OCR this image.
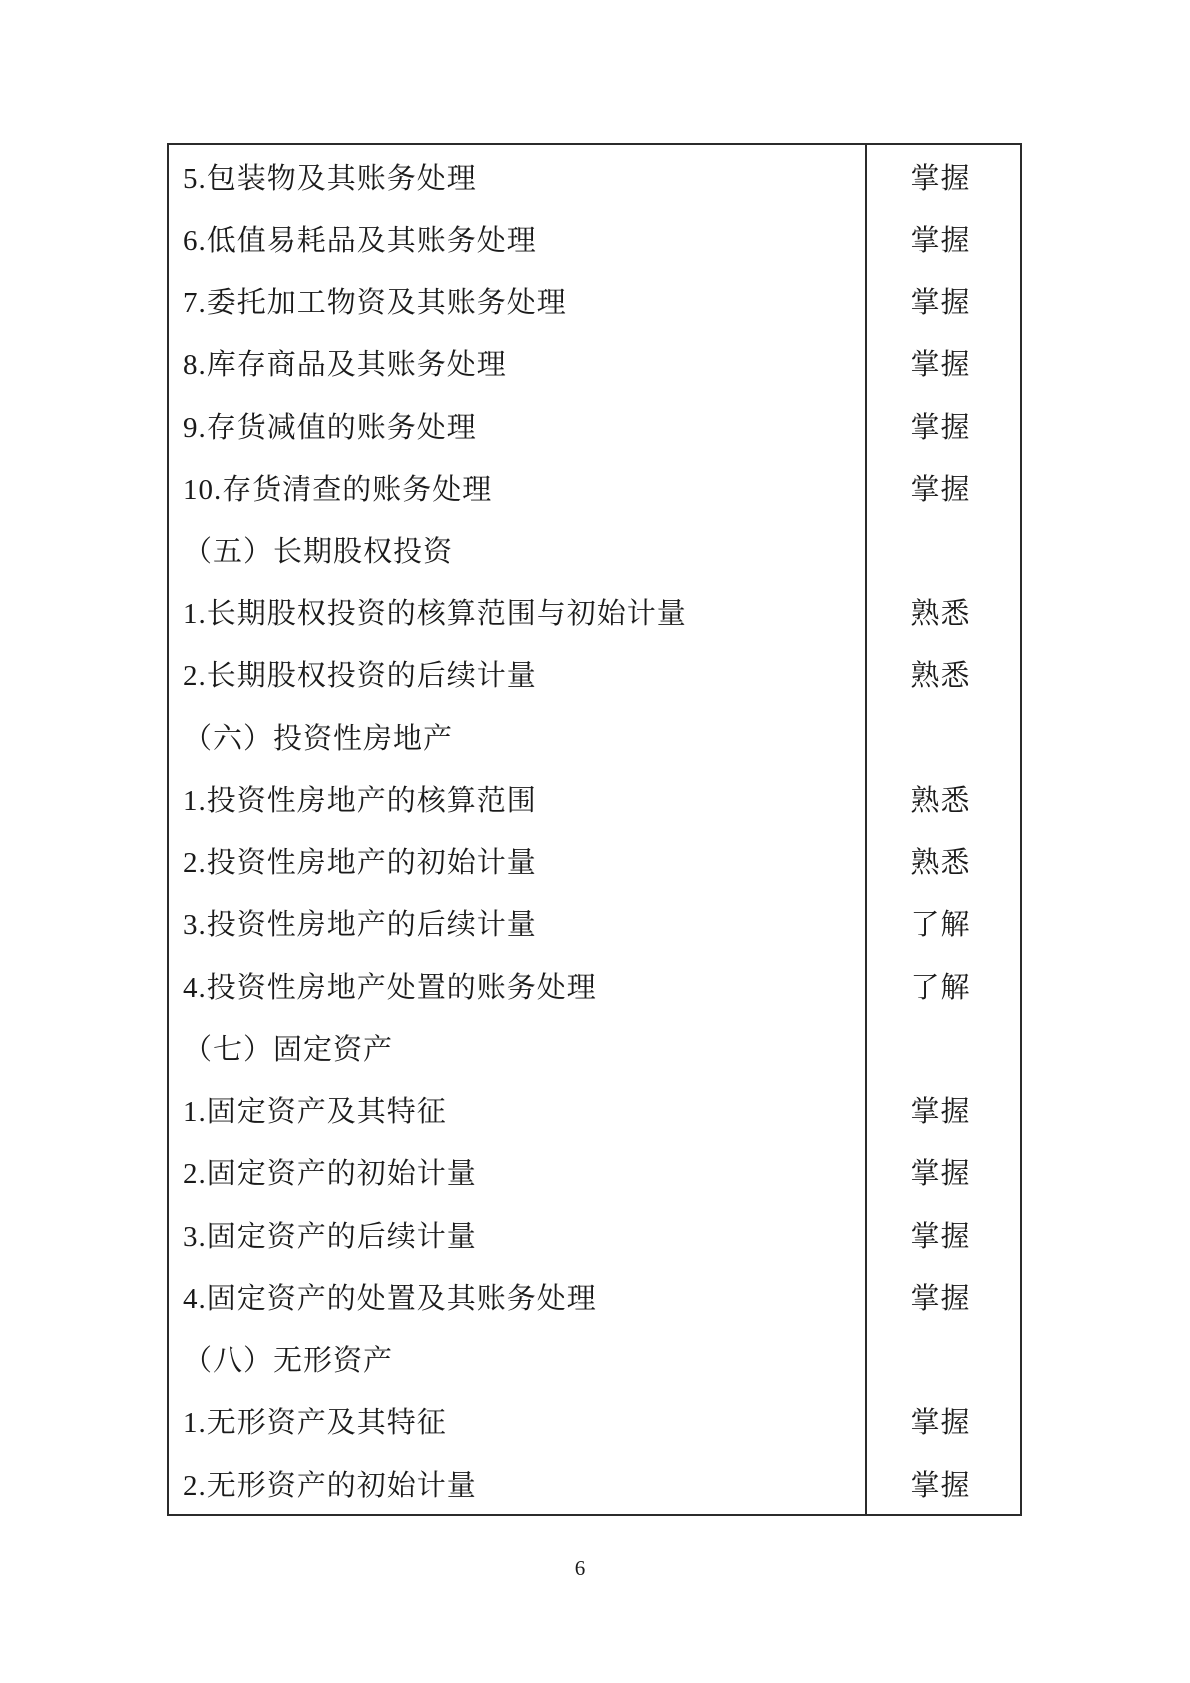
5.包装物及其账务处理	掌握
6.低值易耗品及其账务处理	掌握
7.委托加工物资及其账务处理	掌握
8.库存商品及其账务处理	掌握
9.存货减值的账务处理	掌握
10.存货清查的账务处理	掌握
（五）长期股权投资
1.长期股权投资的核算范围与初始计量	熟悉
2.长期股权投资的后续计量	熟悉
（六）投资性房地产
1.投资性房地产的核算范围	熟悉
2.投资性房地产的初始计量	熟悉
3.投资性房地产的后续计量	了解
4.投资性房地产处置的账务处理	了解
（七）固定资产
1.固定资产及其特征	掌握
2.固定资产的初始计量	掌握
3.固定资产的后续计量	掌握
4.固定资产的处置及其账务处理	掌握
（八）无形资产
1.无形资产及其特征	掌握
2.无形资产的初始计量	掌握
6
